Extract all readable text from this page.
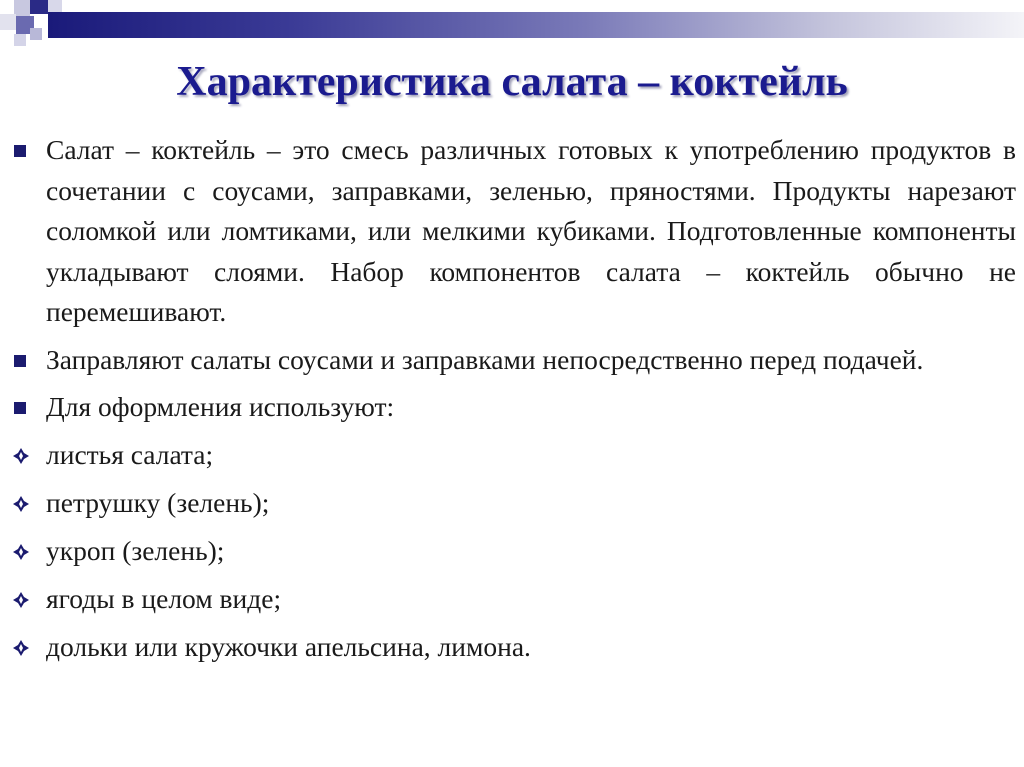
Характеристика салата – коктейль
Салат – коктейль – это смесь различных готовых к употреблению продуктов в сочетании с соусами, заправками, зеленью, пряностями. Продукты нарезают соломкой или ломтиками, или мелкими кубиками. Подготовленные компоненты укладывают слоями. Набор компонентов салата – коктейль обычно не перемешивают.
Заправляют салаты соусами и заправками непосредственно перед подачей.
Для оформления используют:
листья салата;
петрушку (зелень);
укроп (зелень);
ягоды в целом виде;
дольки или кружочки апельсина, лимона.
